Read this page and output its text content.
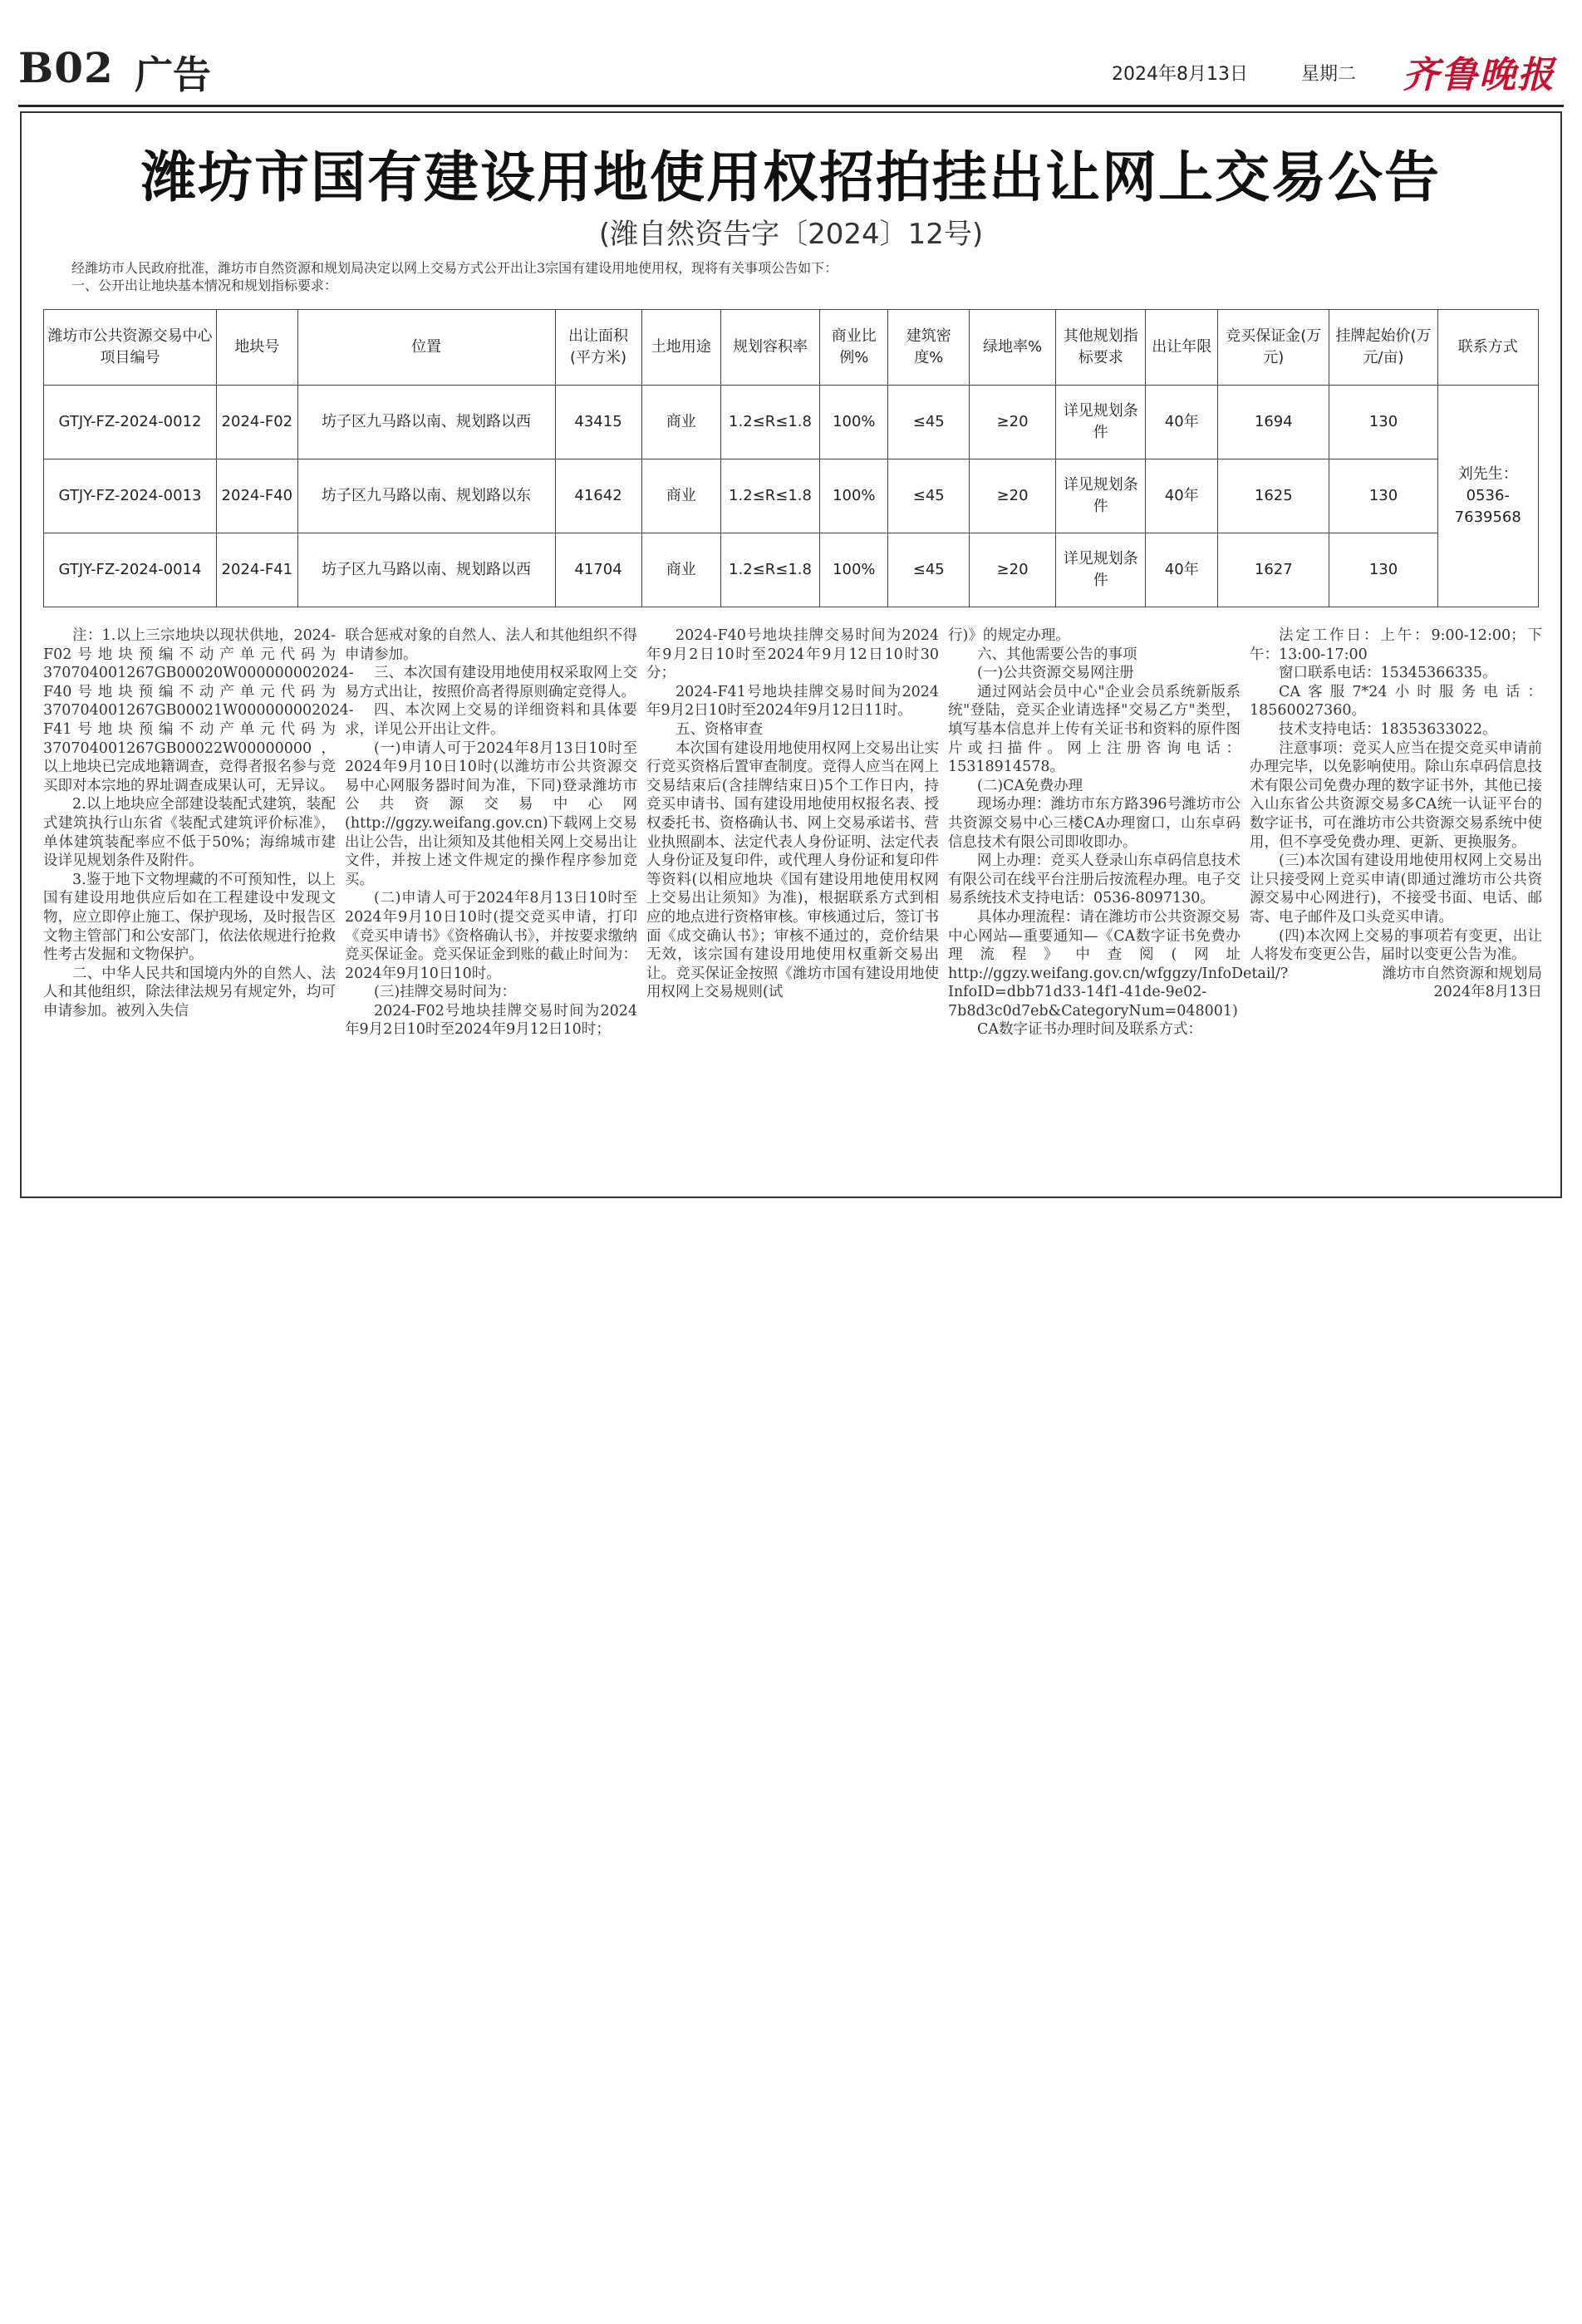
B02 广告	2024年8月13日	星期二 齐鲁晚报
潍坊市国有建设用地使用权招拍挂出让网上交易公告
(潍自然资告字〔2024〕12号)
经潍坊市人民政府批准，潍坊市自然资源和规划局决定以网上交易方式公开出让3宗国有建设用地使用权，现将有关事项公告如下：
一、公开出让地块基本情况和规划指标要求：
潍坊市公共资源交易中心项目编号	地块号	位置	出让面积(平方米)	土地用途	规划容积率	商业比例%	建筑密度%	绿地率%	其他规划指标要求	出让年限	竞买保证金(万元)	挂牌起始价(万元/亩)	联系方式
GTJY-FZ-2024-0012	2024-F02	坊子区九马路以南、规划路以西	43415	商业	1.2≤R≤1.8	100%	≤45	≥20	详见规划条件	40年	1694	130	刘先生：0536-7639568
GTJY-FZ-2024-0013	2024-F40	坊子区九马路以南、规划路以东	41642	商业	1.2≤R≤1.8	100%	≤45	≥20	详见规划条件	40年	1625	130	
GTJY-FZ-2024-0014	2024-F41	坊子区九马路以南、规划路以西	41704	商业	1.2≤R≤1.8	100%	≤45	≥20	详见规划条件	40年	1627	130	

注：1.以上三宗地块以现状供地，2024-F02号地块预编不动产单元代码为370704001267GB00020W000000002024-F40号地块预编不动产单元代码为370704001267GB00021W000000002024-F41号地块预编不动产单元代码为370704001267GB00022W00000000，以上地块已完成地籍调查，竞得者报名参与竞买即对本宗地的界址调查成果认可，无异议。

2.以上地块应全部建设装配式建筑，装配式建筑执行山东省《装配式建筑评价标准》，单体建筑装配率应不低于50%；海绵城市建设详见规划条件及附件。

3.鉴于地下文物埋藏的不可预知性，以上国有建设用地供应后如在工程建设中发现文物，应立即停止施工、保护现场，及时报告区文物主管部门和公安部门，依法依规进行抢救性考古发掘和文物保护。

二、中华人民共和国境内外的自然人、法人和其他组织，除法律法规另有规定外，均可申请参加。被列入失信

联合惩戒对象的自然人、法人和其他组织不得申请参加。

三、本次国有建设用地使用权采取网上交易方式出让，按照价高者得原则确定竞得人。

四、本次网上交易的详细资料和具体要求，详见公开出让文件。

(一)申请人可于2024年8月13日10时至2024年9月10日10时(以潍坊市公共资源交易中心网服务器时间为准，下同)登录潍坊市公共资源交易中心网(http://ggzy.weifang.gov.cn)下载网上交易出让公告，出让须知及其他相关网上交易出让文件，并按上述文件规定的操作程序参加竞买。

(二)申请人可于2024年8月13日10时至2024年9月10日10时(提交竞买申请，打印《竞买申请书》《资格确认书》，并按要求缴纳竞买保证金。竞买保证金到账的截止时间为：2024年9月10日10时。

(三)挂牌交易时间为：

2024-F02号地块挂牌交易时间为2024年9月2日10时至2024年9月12日10时；

2024-F40号地块挂牌交易时间为2024年9月2日10时至2024年9月12日10时30分；

2024-F41号地块挂牌交易时间为2024年9月2日10时至2024年9月12日11时。

五、资格审查

本次国有建设用地使用权网上交易出让实行竞买资格后置审查制度。竞得人应当在网上交易结束后(含挂牌结束日)5个工作日内，持竞买申请书、国有建设用地使用权报名表、授权委托书、资格确认书、网上交易承诺书、营业执照副本、法定代表人身份证明、法定代表人身份证及复印件，或代理人身份证和复印件等资料(以相应地块《国有建设用地使用权网上交易出让须知》为准)，根据联系方式到相应的地点进行资格审核。审核通过后，签订书面《成交确认书》；审核不通过的，竞价结果无效，该宗国有建设用地使用权重新交易出让。竞买保证金按照《潍坊市国有建设用地使用权网上交易规则(试

行)》的规定办理。

六、其他需要公告的事项

(一)公共资源交易网注册

通过网站会员中心"企业会员系统新版系统"登陆，竞买企业请选择"交易乙方"类型，填写基本信息并上传有关证书和资料的原件图片或扫描件。网上注册咨询电话：15318914578。

(二)CA免费办理

现场办理：潍坊市东方路396号潍坊市公共资源交易中心三楼CA办理窗口，山东卓码信息技术有限公司即收即办。

网上办理：竞买人登录山东卓码信息技术有限公司在线平台注册后按流程办理。电子交易系统技术支持电话：0536-8097130。

具体办理流程：请在潍坊市公共资源交易中心网站—重要通知—《CA数字证书免费办理流程》中查阅(网址http://ggzy.weifang.gov.cn/wfggzy/InfoDetail/?InfoID=dbb71d33-14f1-41de-9e02-7b8d3c0d7eb&CategoryNum=048001)

CA数字证书办理时间及联系方式：

法定工作日：上午：9:00-12:00；下午：13:00-17:00

窗口联系电话：15345366335。

CA客服7*24小时服务电话：18560027360。

技术支持电话：18353633022。

注意事项：竞买人应当在提交竞买申请前办理完毕，以免影响使用。除山东卓码信息技术有限公司免费办理的数字证书外，其他已接入山东省公共资源交易多CA统一认证平台的数字证书，可在潍坊市公共资源交易系统中使用，但不享受免费办理、更新、更换服务。

(三)本次国有建设用地使用权网上交易出让只接受网上竞买申请(即通过潍坊市公共资源交易中心网进行)，不接受书面、电话、邮寄、电子邮件及口头竞买申请。

(四)本次网上交易的事项若有变更，出让人将发布变更公告，届时以变更公告为准。

潍坊市自然资源和规划局

2024年8月13日
